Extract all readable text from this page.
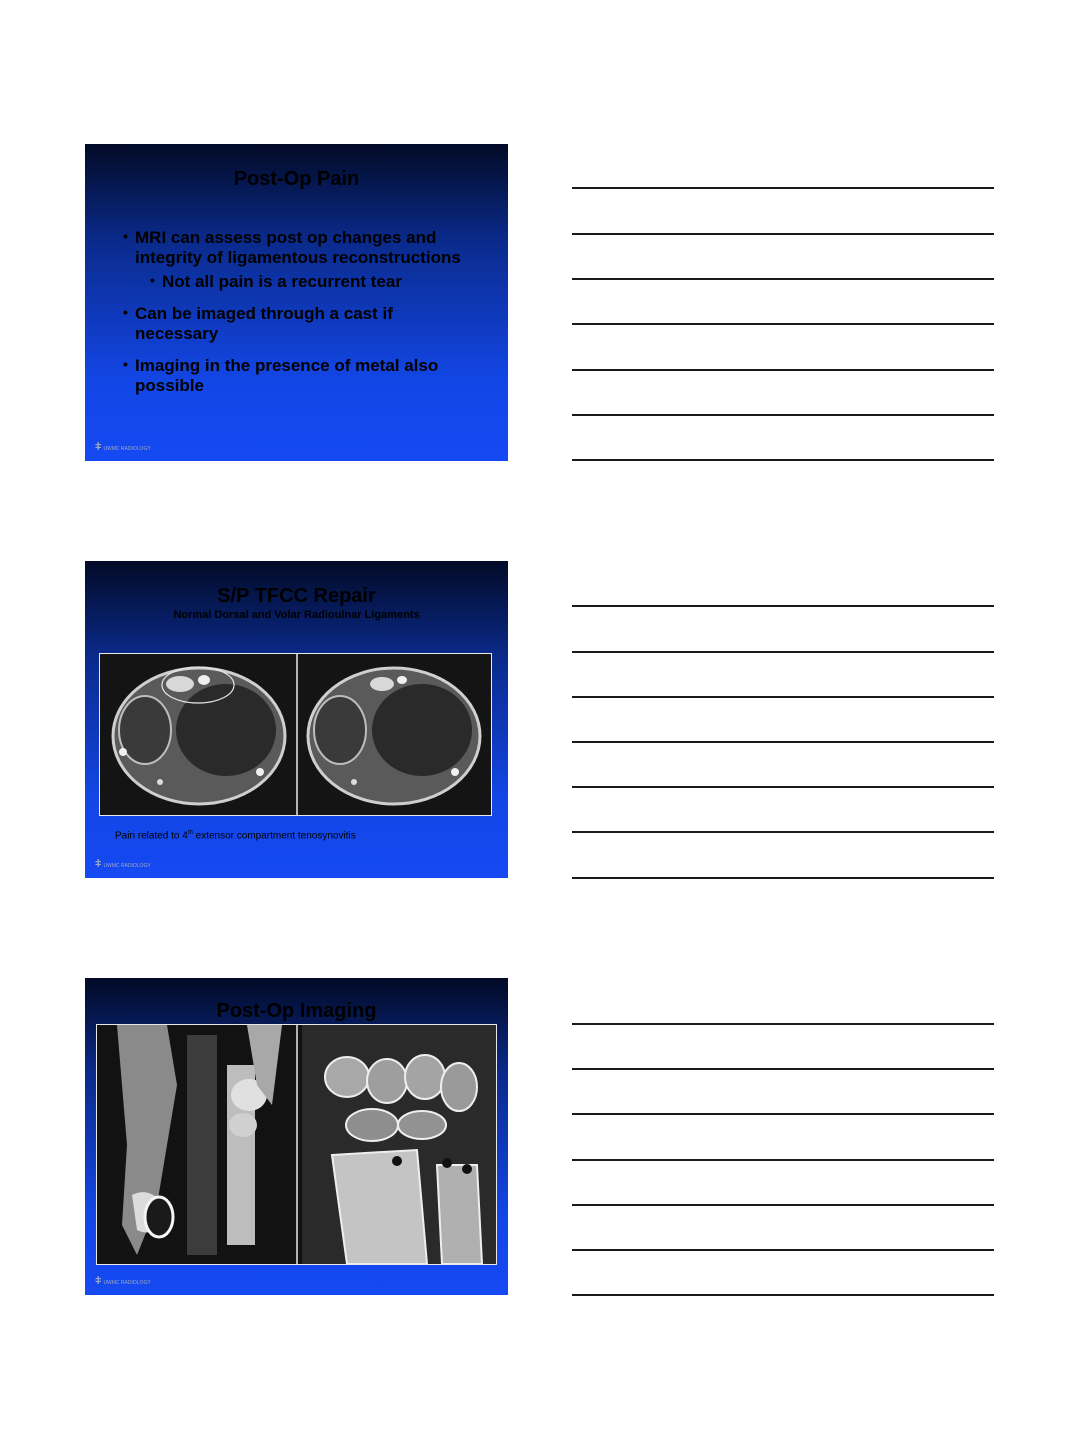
Post-Op Pain
• MRI can assess post op changes and integrity of ligamentous reconstructions
• Not all pain is a recurrent tear
• Can be imaged through a cast if necessary
• Imaging in the presence of metal also possible
ǂ UWMC RADIOLOGY
S/P TFCC Repair
Normal Dorsal and Volar Radioulnar Ligaments
Pain related to 4th extensor compartment tenosynovitis
ǂ UWMC RADIOLOGY
Post-Op Imaging
ǂ UWMC RADIOLOGY
